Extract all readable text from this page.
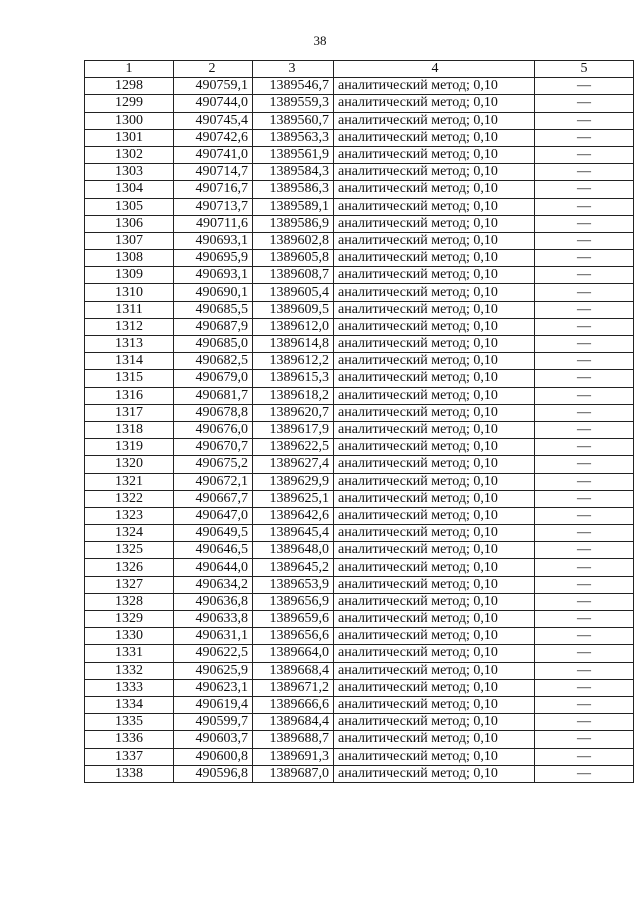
38
1	2	3	4	5
1298	490759,1	1389546,7	аналитический метод; 0,10	—
1299	490744,0	1389559,3	аналитический метод; 0,10	—
1300	490745,4	1389560,7	аналитический метод; 0,10	—
1301	490742,6	1389563,3	аналитический метод; 0,10	—
1302	490741,0	1389561,9	аналитический метод; 0,10	—
1303	490714,7	1389584,3	аналитический метод; 0,10	—
1304	490716,7	1389586,3	аналитический метод; 0,10	—
1305	490713,7	1389589,1	аналитический метод; 0,10	—
1306	490711,6	1389586,9	аналитический метод; 0,10	—
1307	490693,1	1389602,8	аналитический метод; 0,10	—
1308	490695,9	1389605,8	аналитический метод; 0,10	—
1309	490693,1	1389608,7	аналитический метод; 0,10	—
1310	490690,1	1389605,4	аналитический метод; 0,10	—
1311	490685,5	1389609,5	аналитический метод; 0,10	—
1312	490687,9	1389612,0	аналитический метод; 0,10	—
1313	490685,0	1389614,8	аналитический метод; 0,10	—
1314	490682,5	1389612,2	аналитический метод; 0,10	—
1315	490679,0	1389615,3	аналитический метод; 0,10	—
1316	490681,7	1389618,2	аналитический метод; 0,10	—
1317	490678,8	1389620,7	аналитический метод; 0,10	—
1318	490676,0	1389617,9	аналитический метод; 0,10	—
1319	490670,7	1389622,5	аналитический метод; 0,10	—
1320	490675,2	1389627,4	аналитический метод; 0,10	—
1321	490672,1	1389629,9	аналитический метод; 0,10	—
1322	490667,7	1389625,1	аналитический метод; 0,10	—
1323	490647,0	1389642,6	аналитический метод; 0,10	—
1324	490649,5	1389645,4	аналитический метод; 0,10	—
1325	490646,5	1389648,0	аналитический метод; 0,10	—
1326	490644,0	1389645,2	аналитический метод; 0,10	—
1327	490634,2	1389653,9	аналитический метод; 0,10	—
1328	490636,8	1389656,9	аналитический метод; 0,10	—
1329	490633,8	1389659,6	аналитический метод; 0,10	—
1330	490631,1	1389656,6	аналитический метод; 0,10	—
1331	490622,5	1389664,0	аналитический метод; 0,10	—
1332	490625,9	1389668,4	аналитический метод; 0,10	—
1333	490623,1	1389671,2	аналитический метод; 0,10	—
1334	490619,4	1389666,6	аналитический метод; 0,10	—
1335	490599,7	1389684,4	аналитический метод; 0,10	—
1336	490603,7	1389688,7	аналитический метод; 0,10	—
1337	490600,8	1389691,3	аналитический метод; 0,10	—
1338	490596,8	1389687,0	аналитический метод; 0,10	—
